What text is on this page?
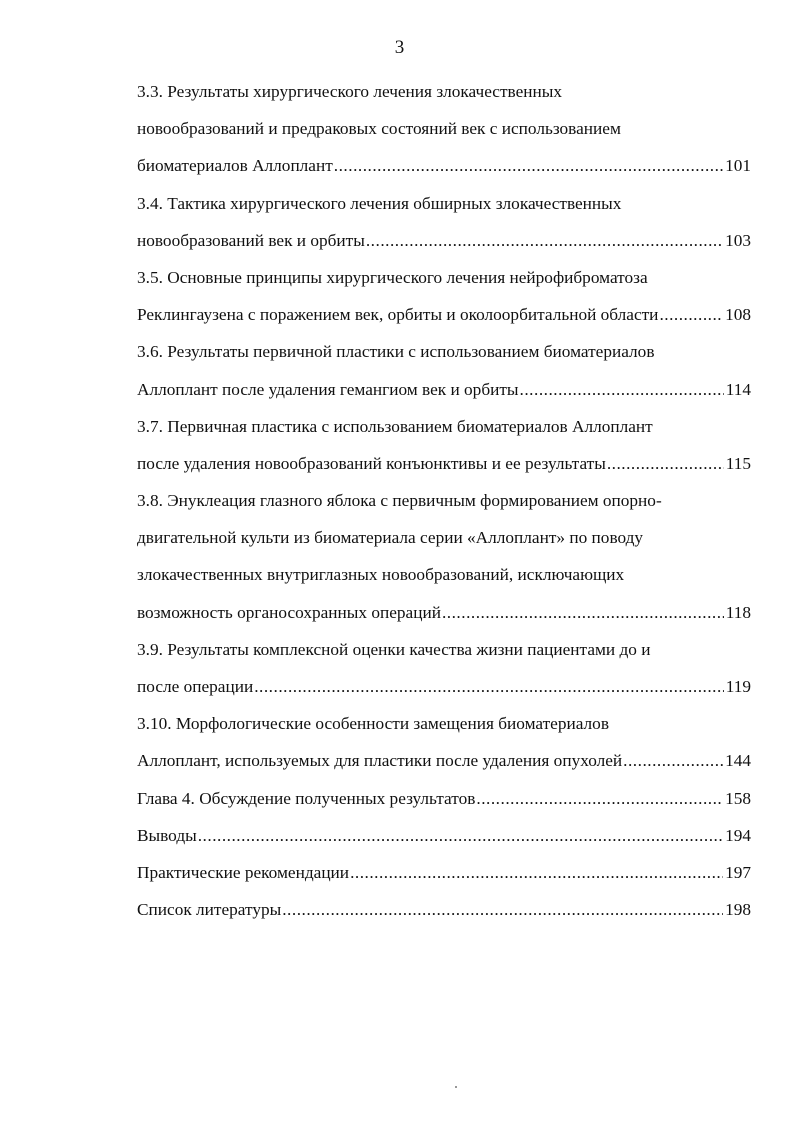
3
3.3. Результаты хирургического лечения злокачественных
новообразований и предраковых состояний век с использованием
биоматериалов Аллоплант .....	101
3.4. Тактика хирургического лечения обширных злокачественных
новообразований век и орбиты .....	103
3.5. Основные принципы хирургического лечения нейрофиброматоза
Реклингаузена с поражением век, орбиты и околоорбитальной области .....	108
3.6. Результаты первичной пластики с использованием биоматериалов
Аллоплант после удаления гемангиом век и орбиты .....	114
3.7. Первичная пластика с использованием биоматериалов Аллоплант
после удаления новообразований конъюнктивы и ее результаты .....	115
3.8. Энуклеация глазного яблока с первичным формированием опорно-
двигательной культи из биоматериала серии «Аллоплант» по поводу
злокачественных внутриглазных новообразований, исключающих
возможность органосохранных операций .....	118
3.9. Результаты комплексной оценки качества жизни пациентами до и
после операции .....	119
3.10. Морфологические особенности замещения биоматериалов
Аллоплант, используемых для пластики после удаления опухолей .....	144
Глава 4. Обсуждение полученных результатов .....	158
Выводы .....	194
Практические рекомендации .....	197
Список литературы .....	198
